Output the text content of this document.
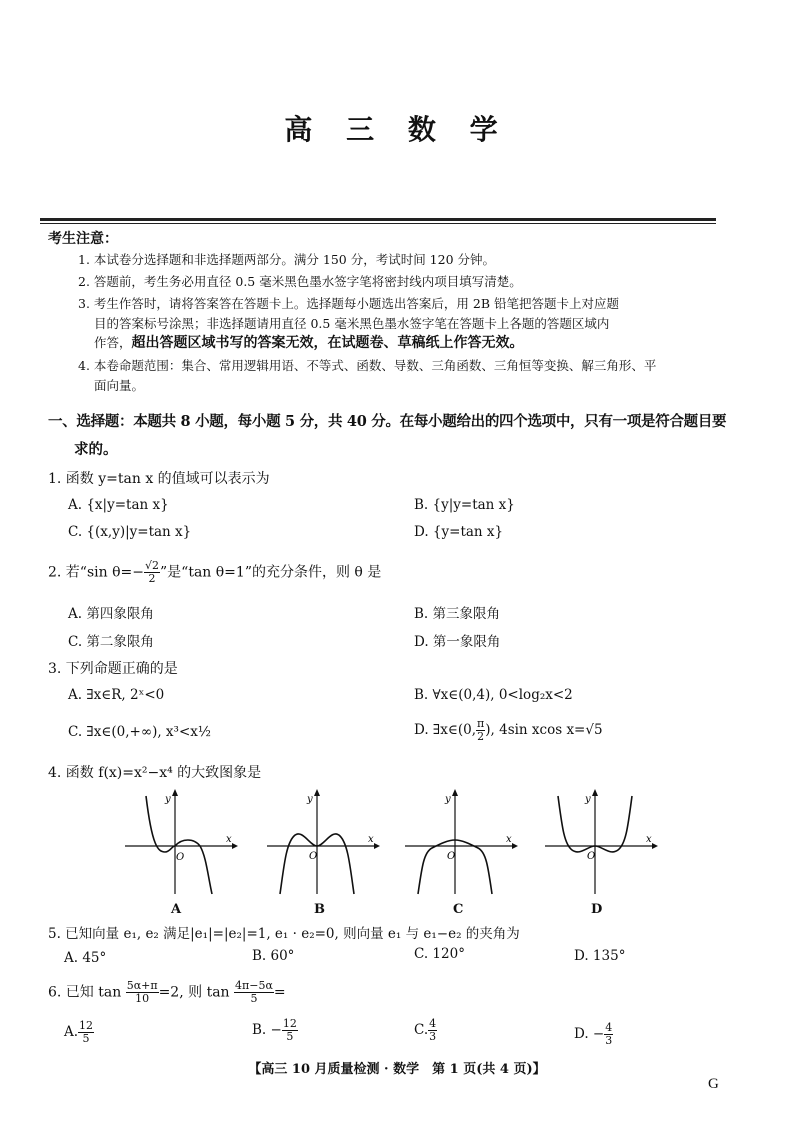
高 三 数 学
考生注意：
1. 本试卷分选择题和非选择题两部分。满分 150 分，考试时间 120 分钟。
2. 答题前，考生务必用直径 0.5 毫米黑色墨水签字笔将密封线内项目填写清楚。
3. 考生作答时，请将答案答在答题卡上。选择题每小题选出答案后，用 2B 铅笔把答题卡上对应题
目的答案标号涂黑；非选择题请用直径 0.5 毫米黑色墨水签字笔在答题卡上各题的答题区域内
作答，超出答题区域书写的答案无效，在试题卷、草稿纸上作答无效。
4. 本卷命题范围：集合、常用逻辑用语、不等式、函数、导数、三角函数、三角恒等变换、解三角形、平
面向量。
一、选择题：本题共 8 小题，每小题 5 分，共 40 分。在每小题给出的四个选项中，只有一项是符合题目要
求的。
1. 函数 y=tan x 的值域可以表示为
A. {x|y=tan x}	B. {y|y=tan x}
C. {(x,y)|y=tan x}	D. {y=tan x}
2. 若“sin $\theta=- \frac{√2}{2}$ ”是“tan θ=1”的充分条件，则 θ 是
A. 第四象限角	B. 第三象限角
C. 第二象限角	D. 第一象限角
3. 下列命题正确的是
A. ∃x∈R, 2ˣ<0	B. ∀x∈(0,4), 0<log₂x<2
C. ∃x∈(0,+∞), x³<x½	D. ∃x∈(0, $\frac{\pi}{2}$ ), 4sin xcos x=√5
4. 函数 f(x)=x²−x⁴ 的大致图象是
y
x
O
A
y
x
O
B
y
x
O
C
y
x
O
D
5. 已知向量 e₁, e₂ 满足|e₁|=|e₂|=1, e₁ · e₂=0, 则向量 e₁ 与 e₁−e₂ 的夹角为
A. 45°	B. 60°	C. 120°	D. 135°
6. 已知 $\tan \frac{5\alpha+\pi}{10} =2$, 则 $\tan \frac{4\pi-5\alpha}{5}$ =
A. $\frac{12}{5}$	B. − $\frac{12}{5}$	C. $\frac{4}{3}$	D. − $\frac{4}{3}$
【高三 10 月质量检测 · 数学　第 1 页(共 4 页)】
G
